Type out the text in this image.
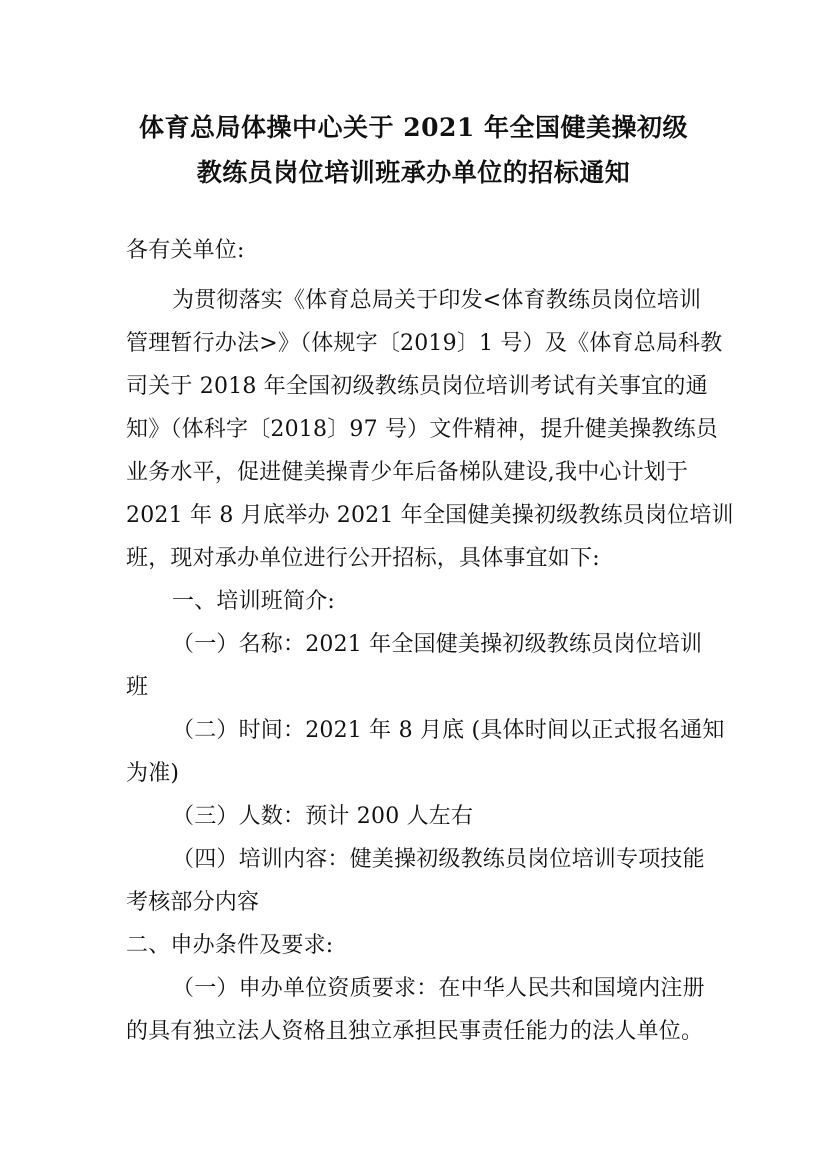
体育总局体操中心关于 2021 年全国健美操初级
教练员岗位培训班承办单位的招标通知
各有关单位:
为贯彻落实《体育总局关于印发<体育教练员岗位培训
管理暂行办法>》（体规字〔2019〕1 号）及《体育总局科教
司关于 2018 年全国初级教练员岗位培训考试有关事宜的通
知》（体科字〔2018〕97 号）文件精神，提升健美操教练员
业务水平，促进健美操青少年后备梯队建设,我中心计划于
2021 年 8 月底举办 2021 年全国健美操初级教练员岗位培训
班，现对承办单位进行公开招标，具体事宜如下:
一、培训班简介:
（一）名称：2021 年全国健美操初级教练员岗位培训
班
（二）时间：2021 年 8 月底 (具体时间以正式报名通知
为准)
（三）人数：预计 200 人左右
（四）培训内容：健美操初级教练员岗位培训专项技能
考核部分内容
二、申办条件及要求:
（一）申办单位资质要求：在中华人民共和国境内注册
的具有独立法人资格且独立承担民事责任能力的法人单位。
